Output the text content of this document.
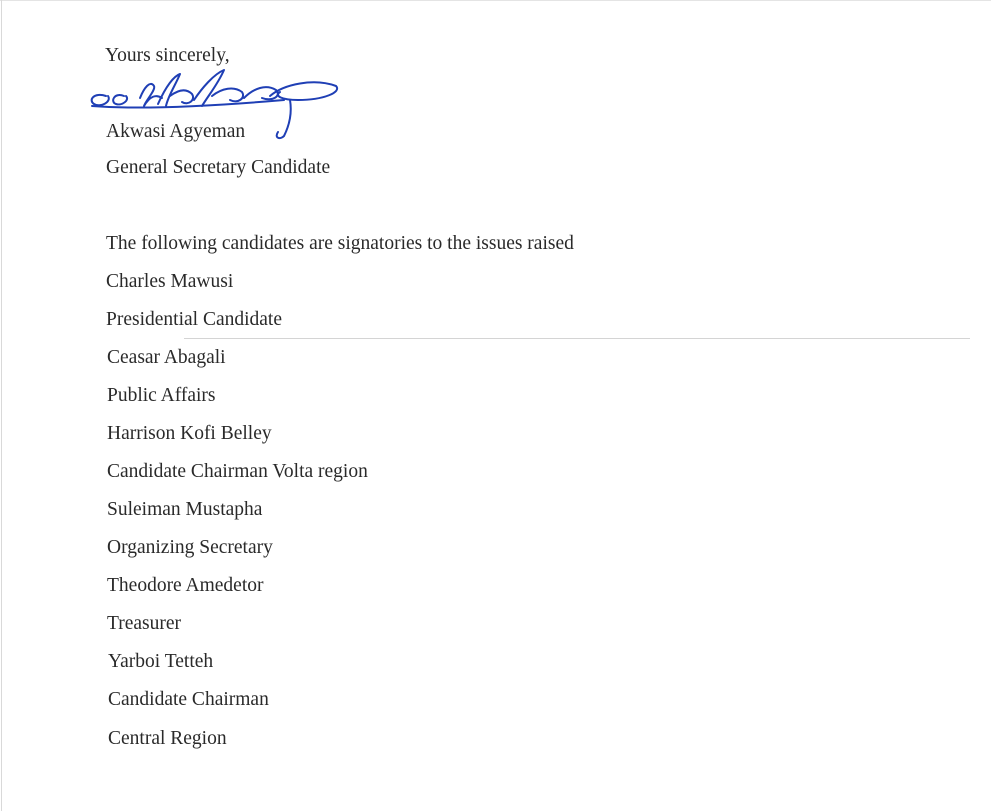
Yours sincerely,
Akwasi Agyeman
General Secretary Candidate
The following candidates are signatories to the issues raised
Charles Mawusi
Presidential Candidate
Ceasar Abagali
Public Affairs
Harrison Kofi Belley
Candidate Chairman Volta region
Suleiman Mustapha
Organizing Secretary
Theodore Amedetor
Treasurer
Yarboi Tetteh
Candidate Chairman
Central Region
